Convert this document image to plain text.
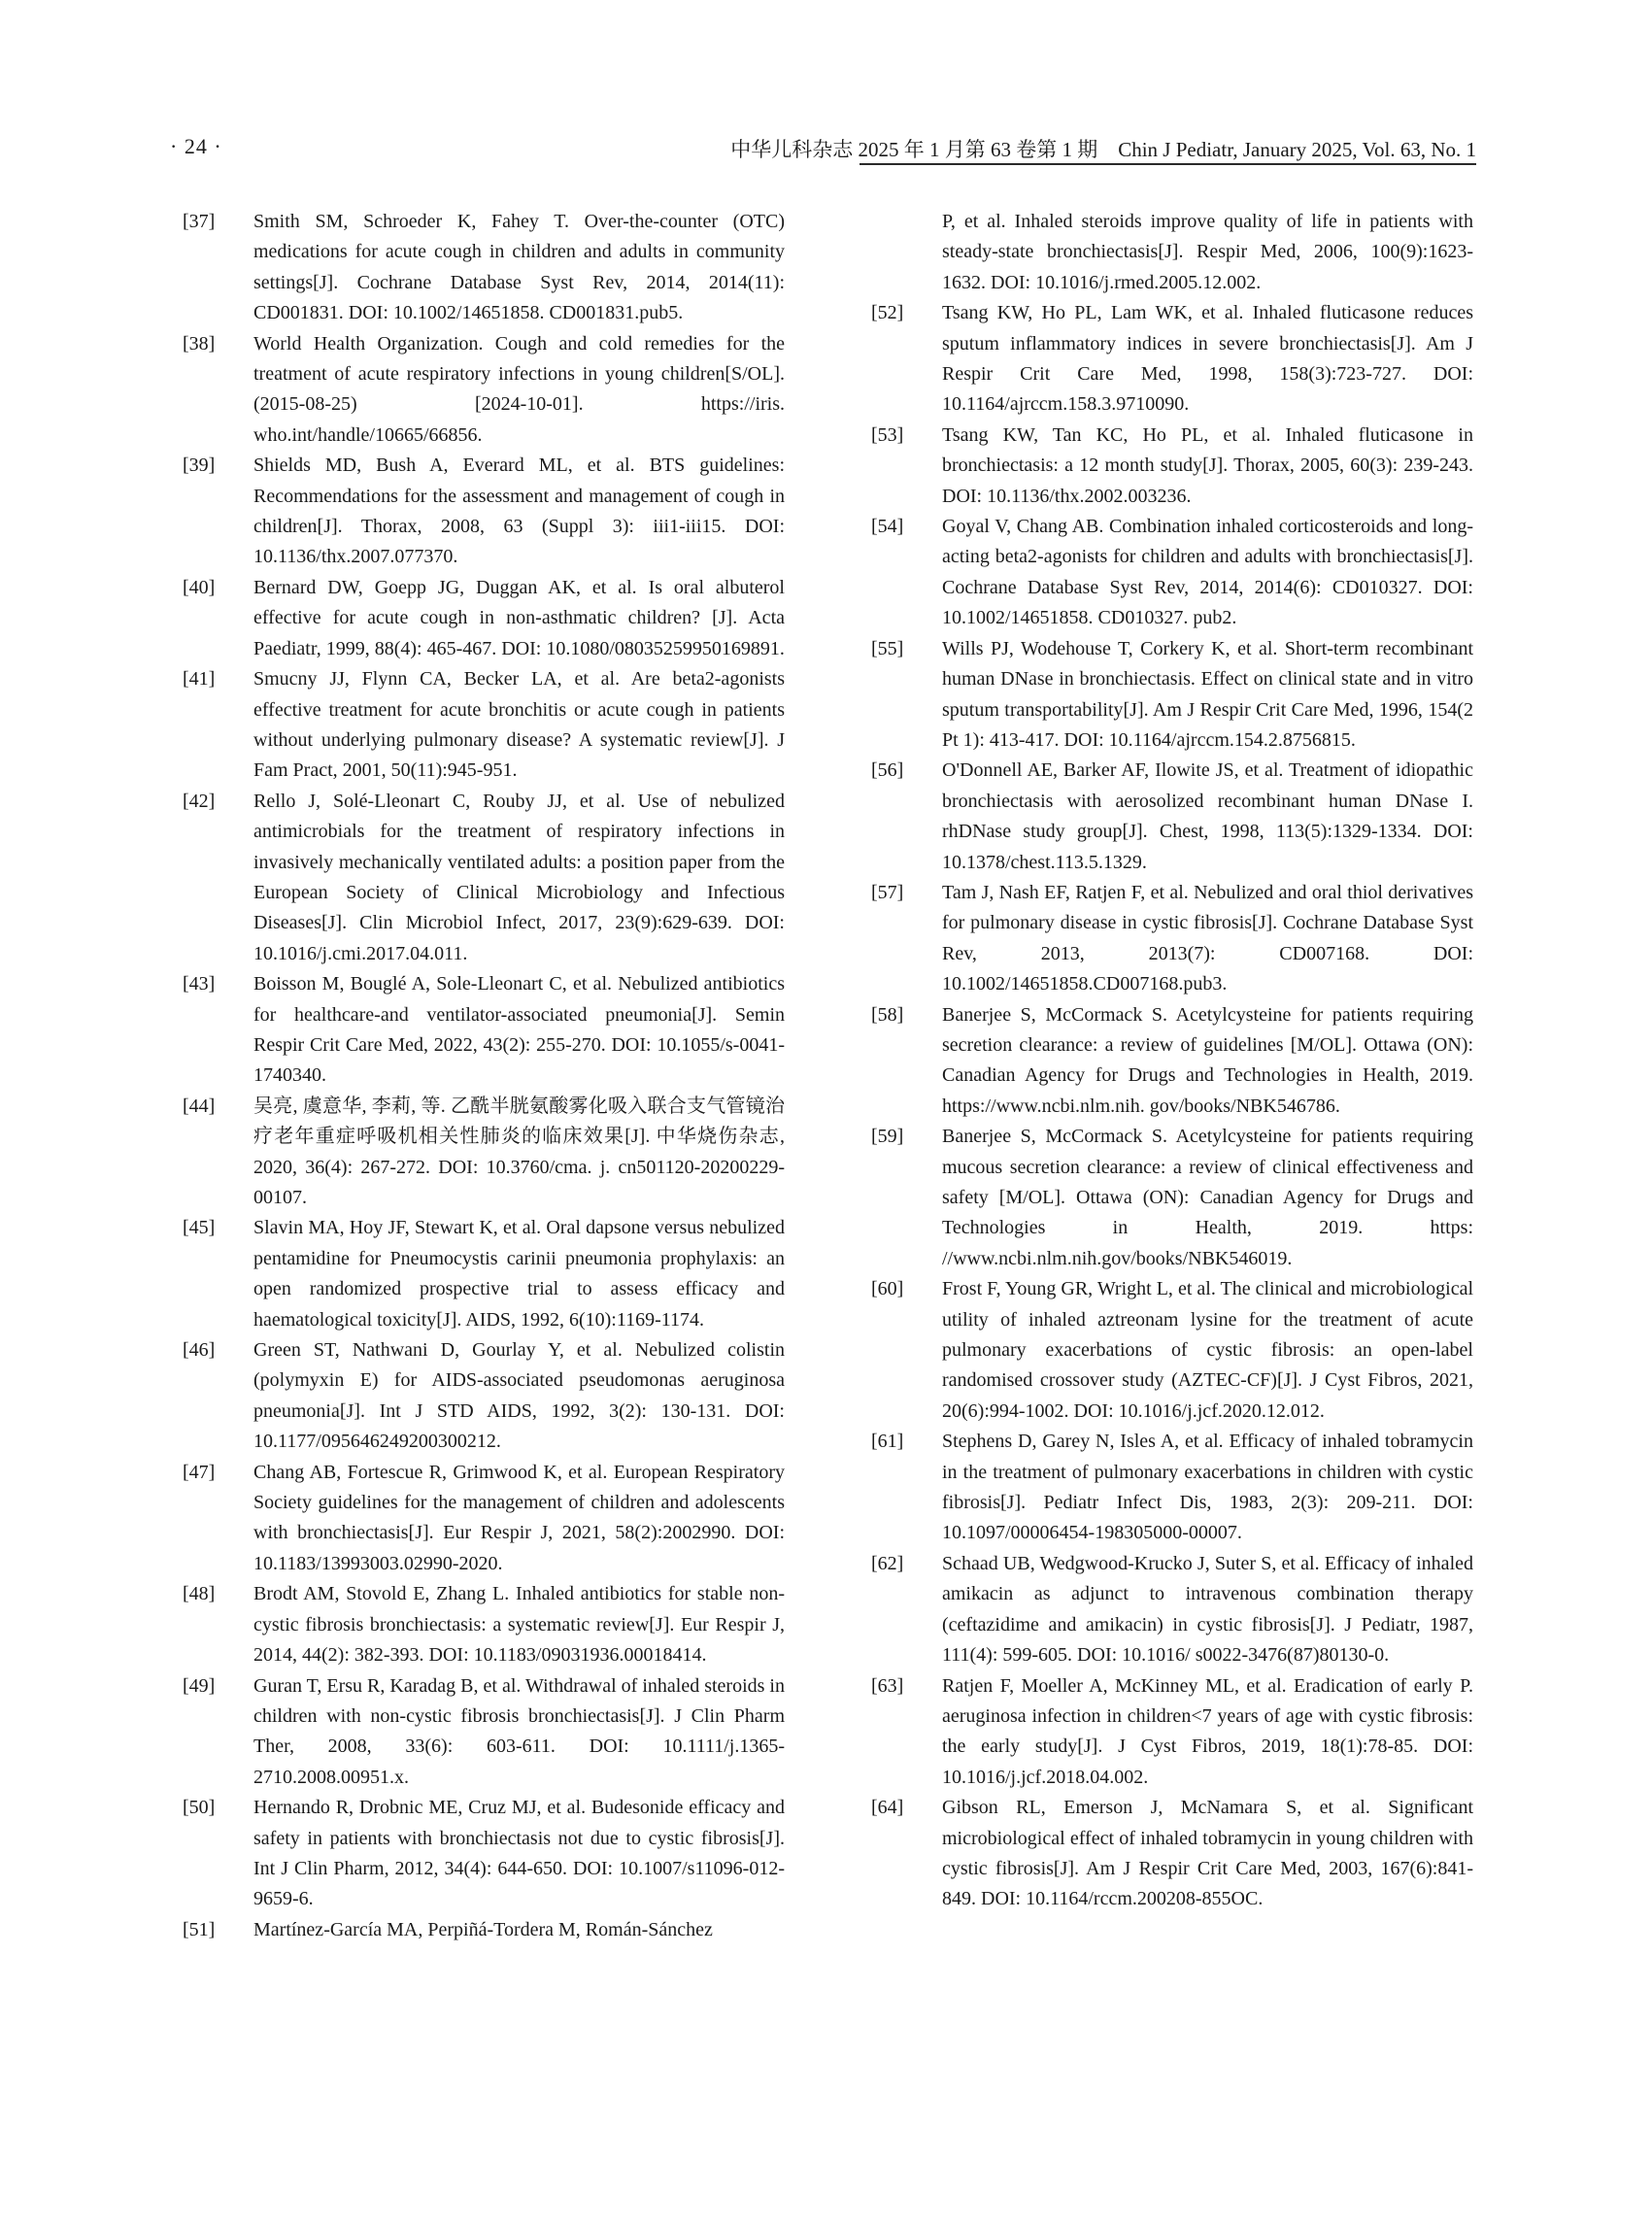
· 24 ·	中华儿科杂志 2025 年 1 月第 63 卷第 1 期　Chin J Pediatr, January 2025, Vol. 63, No. 1
[37] Smith SM, Schroeder K, Fahey T. Over-the-counter (OTC) medications for acute cough in children and adults in community settings[J]. Cochrane Database Syst Rev, 2014, 2014(11): CD001831. DOI: 10.1002/14651858. CD001831.pub5.
[38] World Health Organization. Cough and cold remedies for the treatment of acute respiratory infections in young children[S/OL]. (2015-08-25) [2024-10-01]. https://iris. who.int/handle/10665/66856.
[39] Shields MD, Bush A, Everard ML, et al. BTS guidelines: Recommendations for the assessment and management of cough in children[J]. Thorax, 2008, 63 (Suppl 3): iii1-iii15. DOI: 10.1136/thx.2007.077370.
[40] Bernard DW, Goepp JG, Duggan AK, et al. Is oral albuterol effective for acute cough in non-asthmatic children? [J]. Acta Paediatr, 1999, 88(4): 465-467. DOI: 10.1080/08035259950169891.
[41] Smucny JJ, Flynn CA, Becker LA, et al. Are beta2-agonists effective treatment for acute bronchitis or acute cough in patients without underlying pulmonary disease? A systematic review[J]. J Fam Pract, 2001, 50(11):945-951.
[42] Rello J, Solé-Lleonart C, Rouby JJ, et al. Use of nebulized antimicrobials for the treatment of respiratory infections in invasively mechanically ventilated adults: a position paper from the European Society of Clinical Microbiology and Infectious Diseases[J]. Clin Microbiol Infect, 2017, 23(9):629-639. DOI: 10.1016/j.cmi.2017.04.011.
[43] Boisson M, Bouglé A, Sole-Lleonart C, et al. Nebulized antibiotics for healthcare-and ventilator-associated pneumonia[J]. Semin Respir Crit Care Med, 2022, 43(2): 255-270. DOI: 10.1055/s-0041-1740340.
[44] 吴亮, 虞意华, 李莉, 等. 乙酰半胱氨酸雾化吸入联合支气管镜治疗老年重症呼吸机相关性肺炎的临床效果[J]. 中华烧伤杂志, 2020, 36(4): 267-272. DOI: 10.3760/cma. j. cn501120-20200229-00107.
[45] Slavin MA, Hoy JF, Stewart K, et al. Oral dapsone versus nebulized pentamidine for Pneumocystis carinii pneumonia prophylaxis: an open randomized prospective trial to assess efficacy and haematological toxicity[J]. AIDS, 1992, 6(10):1169-1174.
[46] Green ST, Nathwani D, Gourlay Y, et al. Nebulized colistin (polymyxin E) for AIDS-associated pseudomonas aeruginosa pneumonia[J]. Int J STD AIDS, 1992, 3(2): 130-131. DOI: 10.1177/095646249200300212.
[47] Chang AB, Fortescue R, Grimwood K, et al. European Respiratory Society guidelines for the management of children and adolescents with bronchiectasis[J]. Eur Respir J, 2021, 58(2):2002990. DOI: 10.1183/13993003.02990-2020.
[48] Brodt AM, Stovold E, Zhang L. Inhaled antibiotics for stable non-cystic fibrosis bronchiectasis: a systematic review[J]. Eur Respir J, 2014, 44(2): 382-393. DOI: 10.1183/09031936.00018414.
[49] Guran T, Ersu R, Karadag B, et al. Withdrawal of inhaled steroids in children with non-cystic fibrosis bronchiectasis[J]. J Clin Pharm Ther, 2008, 33(6): 603-611. DOI: 10.1111/j.1365-2710.2008.00951.x.
[50] Hernando R, Drobnic ME, Cruz MJ, et al. Budesonide efficacy and safety in patients with bronchiectasis not due to cystic fibrosis[J]. Int J Clin Pharm, 2012, 34(4): 644-650. DOI: 10.1007/s11096-012-9659-6.
[51] Martínez-García MA, Perpiñá-Tordera M, Román-Sánchez
P, et al. Inhaled steroids improve quality of life in patients with steady-state bronchiectasis[J]. Respir Med, 2006, 100(9):1623-1632. DOI: 10.1016/j.rmed.2005.12.002.
[52] Tsang KW, Ho PL, Lam WK, et al. Inhaled fluticasone reduces sputum inflammatory indices in severe bronchiectasis[J]. Am J Respir Crit Care Med, 1998, 158(3):723-727. DOI: 10.1164/ajrccm.158.3.9710090.
[53] Tsang KW, Tan KC, Ho PL, et al. Inhaled fluticasone in bronchiectasis: a 12 month study[J]. Thorax, 2005, 60(3): 239-243. DOI: 10.1136/thx.2002.003236.
[54] Goyal V, Chang AB. Combination inhaled corticosteroids and long-acting beta2-agonists for children and adults with bronchiectasis[J]. Cochrane Database Syst Rev, 2014, 2014(6): CD010327. DOI: 10.1002/14651858. CD010327. pub2.
[55] Wills PJ, Wodehouse T, Corkery K, et al. Short-term recombinant human DNase in bronchiectasis. Effect on clinical state and in vitro sputum transportability[J]. Am J Respir Crit Care Med, 1996, 154(2 Pt 1): 413-417. DOI: 10.1164/ajrccm.154.2.8756815.
[56] O'Donnell AE, Barker AF, Ilowite JS, et al. Treatment of idiopathic bronchiectasis with aerosolized recombinant human DNase I. rhDNase study group[J]. Chest, 1998, 113(5):1329-1334. DOI: 10.1378/chest.113.5.1329.
[57] Tam J, Nash EF, Ratjen F, et al. Nebulized and oral thiol derivatives for pulmonary disease in cystic fibrosis[J]. Cochrane Database Syst Rev, 2013, 2013(7): CD007168. DOI: 10.1002/14651858.CD007168.pub3.
[58] Banerjee S, McCormack S. Acetylcysteine for patients requiring secretion clearance: a review of guidelines [M/OL]. Ottawa (ON): Canadian Agency for Drugs and Technologies in Health, 2019. https://www.ncbi.nlm.nih. gov/books/NBK546786.
[59] Banerjee S, McCormack S. Acetylcysteine for patients requiring mucous secretion clearance: a review of clinical effectiveness and safety [M/OL]. Ottawa (ON): Canadian Agency for Drugs and Technologies in Health, 2019. https: //www.ncbi.nlm.nih.gov/books/NBK546019.
[60] Frost F, Young GR, Wright L, et al. The clinical and microbiological utility of inhaled aztreonam lysine for the treatment of acute pulmonary exacerbations of cystic fibrosis: an open-label randomised crossover study (AZTEC-CF)[J]. J Cyst Fibros, 2021, 20(6):994-1002. DOI: 10.1016/j.jcf.2020.12.012.
[61] Stephens D, Garey N, Isles A, et al. Efficacy of inhaled tobramycin in the treatment of pulmonary exacerbations in children with cystic fibrosis[J]. Pediatr Infect Dis, 1983, 2(3): 209-211. DOI: 10.1097/00006454-198305000-00007.
[62] Schaad UB, Wedgwood-Krucko J, Suter S, et al. Efficacy of inhaled amikacin as adjunct to intravenous combination therapy (ceftazidime and amikacin) in cystic fibrosis[J]. J Pediatr, 1987, 111(4): 599-605. DOI: 10.1016/ s0022-3476(87)80130-0.
[63] Ratjen F, Moeller A, McKinney ML, et al. Eradication of early P. aeruginosa infection in children<7 years of age with cystic fibrosis: the early study[J]. J Cyst Fibros, 2019, 18(1):78-85. DOI: 10.1016/j.jcf.2018.04.002.
[64] Gibson RL, Emerson J, McNamara S, et al. Significant microbiological effect of inhaled tobramycin in young children with cystic fibrosis[J]. Am J Respir Crit Care Med, 2003, 167(6):841-849. DOI: 10.1164/rccm.200208-855OC.
